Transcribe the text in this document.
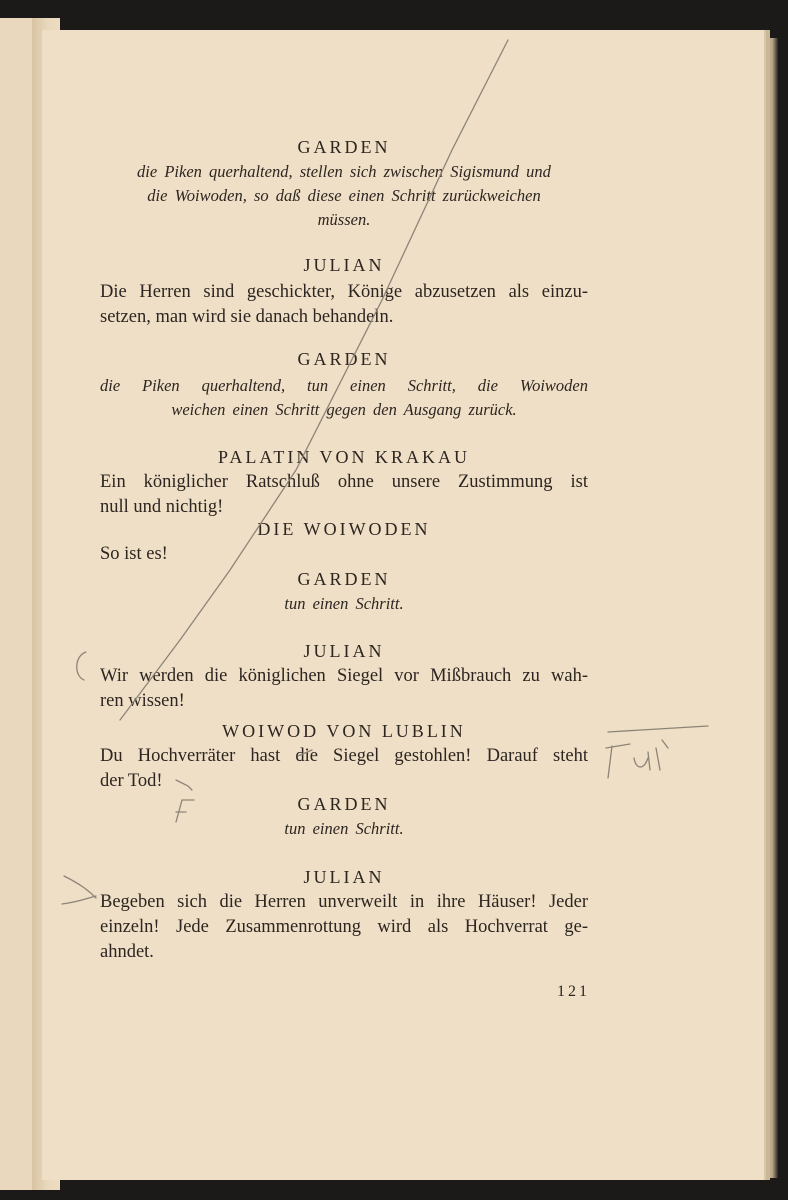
GARDEN

die Piken querhaltend, stellen sich zwischen Sigismund und
die Woiwoden, so daß diese einen Schritt zurückweichen
müssen.

JULIAN

Die Herren sind geschickter, Könige abzusetzen als einzu-

setzen, man wird sie danach behandeln.

GARDEN

die Piken querhaltend, tun einen Schritt, die Woiwoden
weichen einen Schritt gegen den Ausgang zurück.

PALATIN VON KRAKAU

Ein königlicher Ratschluß ohne unsere Zustimmung ist

null und nichtig!

DIE WOIWODEN

So ist es!

GARDEN

tun einen Schritt.

JULIAN

Wir werden die königlichen Siegel vor Mißbrauch zu wah-

ren wissen!

WOIWOD VON LUBLIN

Du Hochverräter hast die Siegel gestohlen! Darauf steht

der Tod!

GARDEN

tun einen Schritt.

JULIAN

Begeben sich die Herren unverweilt in ihre Häuser! Jeder

einzeln! Jede Zusammenrottung wird als Hochverrat ge-

ahndet.

121
